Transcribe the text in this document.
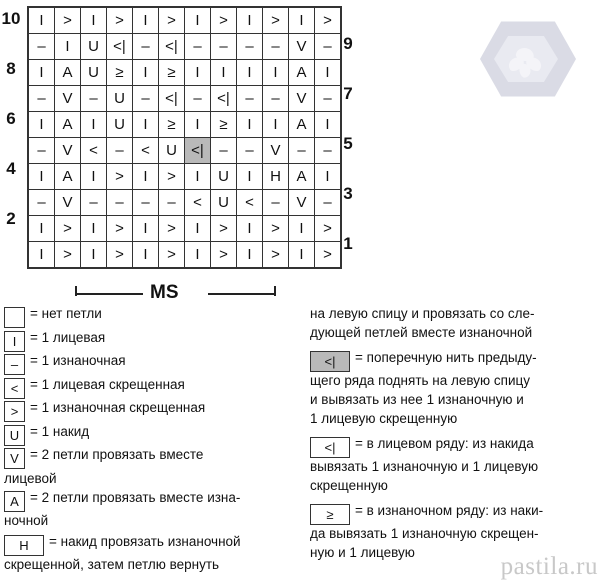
10
8
6
4
2
9
7
5
3
1
I	>	I	>	I	>	I	>	I	>	I	>

–	I	U	<|	–	<|	–	–	–	–	V	–

I	A	U	≥	I	≥	I	I	I	I	A	I

–	V	–	U	–	<|	–	<|	–	–	V	–

I	A	I	U	I	≥	I	≥	I	I	A	I

–	V	<	–	<	U	<|	–	–	V	–	–

I	A	I	>	I	>	I	U	I	H	A	I

–	V	–	–	–	–	<	U	<	–	V	–

I	>	I	>	I	>	I	>	I	>	I	>

I	>	I	>	I	>	I	>	I	>	I	>
MS
= нет петли
I	= 1 лицевая
– = 1 изнаночная
< = 1 лицевая скрещенная
> = 1 изнаночная скрещенная
U = 1 накид
V = 2 петли провязать вместе
лицевой
A = 2 петли провязать вместе изна-
ночной
H	= накид провязать изнаночной
скрещенной, затем петлю вернуть
на левую спицу и провязать со сле-
дующей петлей вместе изнаночной
<|	= поперечную нить предыду-
щего ряда поднять на левую спицу
и вывязать из нее 1 изнаночную и
1 лицевую скрещенную
<|	= в лицевом ряду: из накида
вывязать 1 изнаночную и 1 лицевую
скрещенную
≥	= в изнаночном ряду: из наки-
да вывязать 1 изнаночную скрещен-
ную и 1 лицевую
pastila.ru
